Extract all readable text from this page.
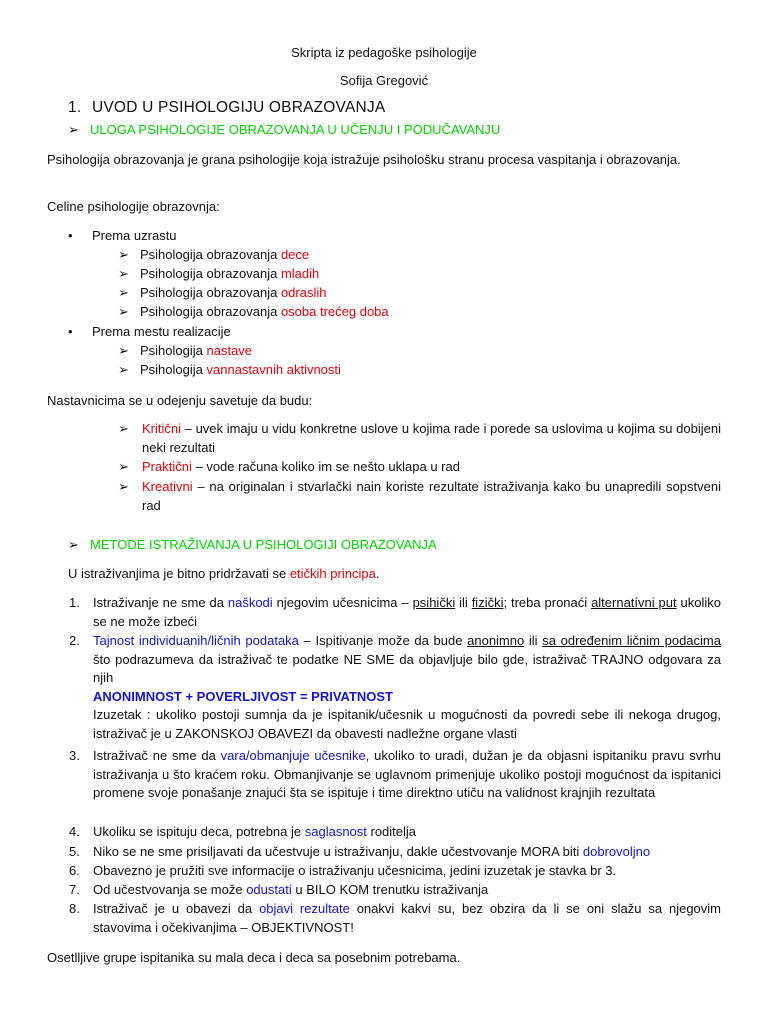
Skripta iz pedagoške psihologije
Sofija Gregović
1. UVOD U PSIHOLOGIJU OBRAZOVANJA
➢ ULOGA PSIHOLOGIJE OBRAZOVANJA U UČENJU I PODUČAVANJU

Psihologija obrazovanja je grana psihologije koja istražuje psihološku stranu procesa vaspitanja i obrazovanja.

Celine psihologije obrazovnja:
• Prema uzrastu
➢ Psihologija obrazovanja dece
➢ Psihologija obrazovanja mladih
➢ Psihologija obrazovanja odraslih
➢ Psihologija obrazovanja osoba trećeg doba
• Prema mestu realizacije
➢ Psihologija nastave
➢ Psihologija vannastavnih aktivnosti
Nastavnicima se u odejenju savetuje da budu:
➢ Kritični – uvek imaju u vidu konkretne uslove u kojima rade i porede sa uslovima u kojima su dobijeni neki rezultati
➢ Praktični – vode računa koliko im se nešto uklapa u rad
➢ Kreativni – na originalan i stvarlački nain koriste rezultate istraživanja kako bu unapredili sopstveni rad
➢ METODE ISTRAŽIVANJA U PSIHOLOGIJI OBRAZOVANJA
U istraživanjima je bitno pridržavati se etičkih principa.
1. Istraživanje ne sme da naškodi njegovim učesnicima – psihički ili fizički; treba pronaći alternatívni put ukoliko se ne može izbeći
2. Tajnost individuanih/ličnih podataka – Ispitivanje može da bude anonimno ili sa određenim ličnim podacima što podrazumeva da istraživač te podatke NE SME da objavljuje bilo gde, istraživač TRAJNO odgovara za njih
ANONIMNOST + POVERLJIVOST = PRIVATNOST
Izuzetak : ukoliko postoji sumnja da je ispitanik/učesnik u mogućnosti da povredi sebe ili nekoga drugog, istraživač je u ZAKONSKOJ OBAVEZI da obavesti nadležne organe vlasti
3. Istraživač ne sme da vara/obmanjuje učesnike, ukoliko to uradi, dužan je da objasni ispitaniku pravu svrhu istraživanja u što kraćem roku. Obmanjivanje se uglavnom primenjuje ukoliko postoji mogućnost da ispitanici promene svoje ponašanje znajući šta se ispituje i time direktno utiču na validnost krajnjih rezultata
4. Ukoliku se ispituju deca, potrebna je saglasnost roditelja
5. Niko se ne sme prisiljavati da učestvuje u istraživanju, dakle učestvovanje MORA biti dobrovoljno
6. Obavezno je pružiti sve informacije o istraživanju učesnicima, jedini izuzetak je stavka br 3.
7. Od učestvovanja se može odustati u BILO KOM trenutku istraživanja
8. Istraživač je u obavezi da objavi rezultate onakvi kakvi su, bez obzira da li se oni slažu sa njegovim stavovima i očekivanjima – OBJEKTIVNOST!
Osetlljive grupe ispitanika su mala deca i deca sa posebnim potrebama.
